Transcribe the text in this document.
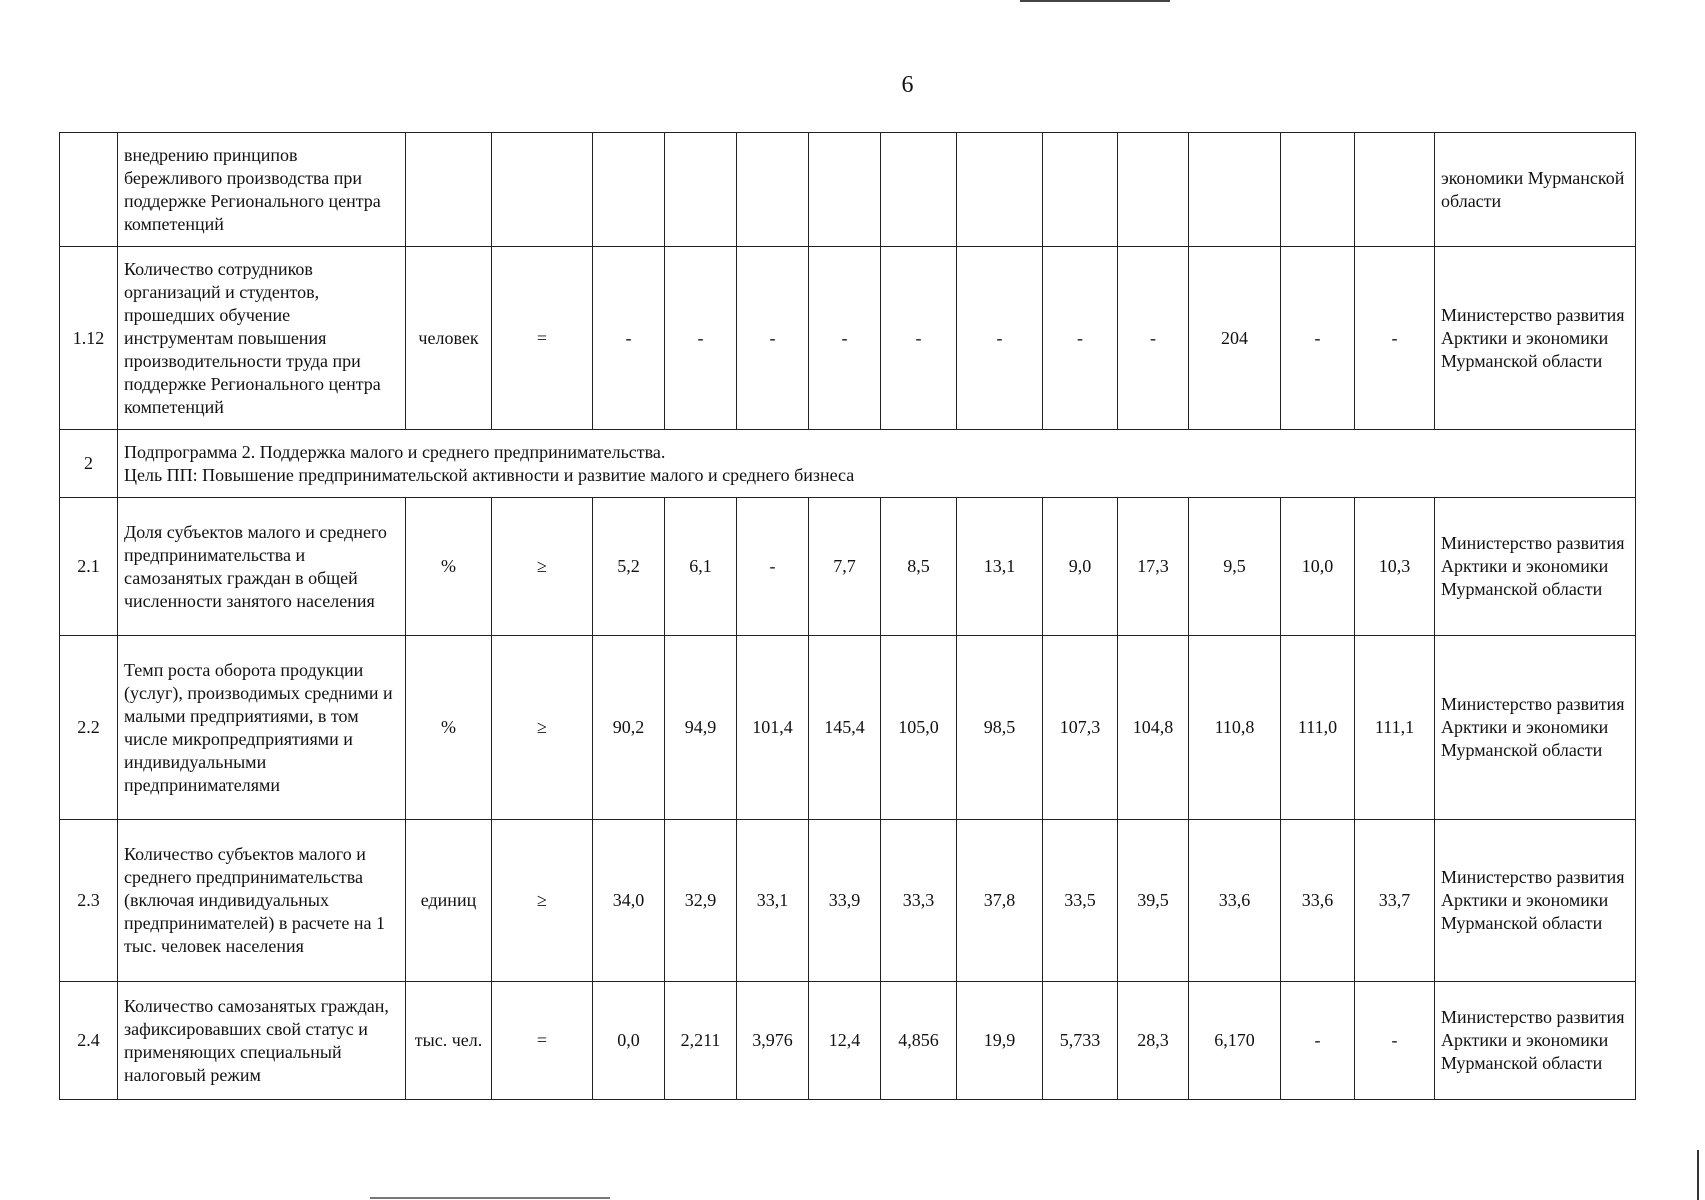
6
	внедрению принципов бережливого производства при поддержке Регионального центра компетенций														экономики Мурманской области
1.12	Количество сотрудников организаций и студентов, прошедших обучение инструментам повышения производительности труда при поддержке Регионального центра компетенций	человек	=	-	-	-	-	-	-	-	-	204	-	-	Министерство развития Арктики и экономики Мурманской области
2	Подпрограмма 2. Поддержка малого и среднего предпринимательства.
Цель ПП: Повышение предпринимательской активности и развитие малого и среднего бизнеса														

2.1	Доля субъектов малого и среднего предпринимательства и самозанятых граждан в общей численности занятого населения	%	≥	5,2	6,1	-	7,7	8,5	13,1	9,0	17,3	9,5	10,0	10,3	Министерство развития Арктики и экономики Мурманской области
2.2	Темп роста оборота продукции (услуг), производимых средними и малыми предприятиями, в том числе микропредприятиями и индивидуальными предпринимателями	%	≥	90,2	94,9	101,4	145,4	105,0	98,5	107,3	104,8	110,8	111,0	111,1	Министерство развития Арктики и экономики Мурманской области
2.3	Количество субъектов малого и среднего предпринимательства (включая индивидуальных предпринимателей) в расчете на 1 тыс. человек населения	единиц	≥	34,0	32,9	33,1	33,9	33,3	37,8	33,5	39,5	33,6	33,6	33,7	Министерство развития Арктики и экономики Мурманской области
2.4	Количество самозанятых граждан, зафиксировавших свой статус и применяющих специальный налоговый режим	тыс. чел.	=	0,0	2,211	3,976	12,4	4,856	19,9	5,733	28,3	6,170	-	-	Министерство развития Арктики и экономики Мурманской области
